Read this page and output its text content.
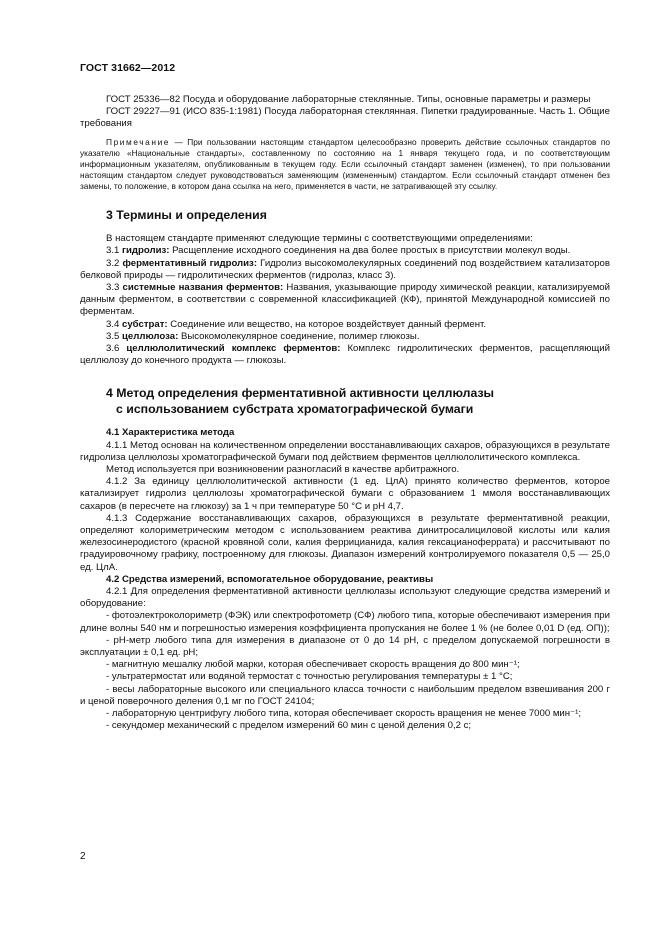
ГОСТ 31662—2012

ГОСТ 25336—82 Посуда и оборудование лабораторные стеклянные. Типы, основные параметры и размеры

ГОСТ 29227—91 (ИСО 835-1:1981) Посуда лабораторная стеклянная. Пипетки градуированные. Часть 1. Общие требования

Примечание — При пользовании настоящим стандартом целесообразно проверить действие ссылочных стандартов по указателю «Национальные стандарты», составленному по состоянию на 1 января текущего года, и по соответствующим информационным указателям, опубликованным в текущем году. Если ссылочный стандарт заменен (изменен), то при пользовании настоящим стандартом следует руководствоваться заменяющим (измененным) стандартом. Если ссылочный стандарт отменен без замены, то положение, в котором дана ссылка на него, применяется в части, не затрагивающей эту ссылку.

3 Термины и определения

В настоящем стандарте применяют следующие термины с соответствующими определениями:

3.1 гидролиз: Расщепление исходного соединения на два более простых в присутствии молекул воды.

3.2 ферментативный гидролиз: Гидролиз высокомолекулярных соединений под воздействием катализаторов белковой природы — гидролитических ферментов (гидролаз, класс 3).

3.3 системные названия ферментов: Названия, указывающие природу химической реакции, катализируемой данным ферментом, в соответствии с современной классификацией (КФ), принятой Международной комиссией по ферментам.

3.4 субстрат: Соединение или вещество, на которое воздействует данный фермент.

3.5 целлюлоза: Высокомолекулярное соединение, полимер глюкозы.

3.6 целлюлолитический комплекс ферментов: Комплекс гидролитических ферментов, расщепляющий целлюлозу до конечного продукта — глюкозы.

4 Метод определения ферментативной активности целлюлазы
с использованием субстрата хроматографической бумаги

4.1 Характеристика метода

4.1.1 Метод основан на количественном определении восстанавливающих сахаров, образующихся в результате гидролиза целлюлозы хроматографической бумаги под действием ферментов целлюлолитического комплекса.

Метод используется при возникновении разногласий в качестве арбитражного.

4.1.2 За единицу целлюлолитической активности (1 ед. ЦлА) принято количество ферментов, которое катализирует гидролиз целлюлозы хроматографической бумаги с образованием 1 ммоля восстанавливающих сахаров (в пересчете на глюкозу) за 1 ч при температуре 50 °С и рН 4,7.

4.1.3 Содержание восстанавливающих сахаров, образующихся в результате ферментативной реакции, определяют колориметрическим методом с использованием реактива динитросалициловой кислоты или калия железосинеродистого (красной кровяной соли, калия феррицианида, калия гексацианоферрата) и рассчитывают по градуировочному графику, построенному для глюкозы. Диапазон измерений контролируемого показателя 0,5 — 25,0 ед. ЦлА.

4.2 Средства измерений, вспомогательное оборудование, реактивы

4.2.1 Для определения ферментативной активности целлюлазы используют следующие средства измерений и оборудование:

- фотоэлектроколориметр (ФЭК) или спектрофотометр (СФ) любого типа, которые обеспечивают измерения при длине волны 540 нм и погрешностью измерения коэффициента пропускания не более 1 % (не более 0,01 D (ед. ОП));

- рН-метр любого типа для измерения в диапазоне от 0 до 14 рН, с пределом допускаемой погрешности в эксплуатации ± 0,1 ед. рН;

- магнитную мешалку любой марки, которая обеспечивает скорость вращения до 800 мин⁻¹;

- ультратермостат или водяной термостат с точностью регулирования температуры ± 1 °С;

- весы лабораторные высокого или специального класса точности с наибольшим пределом взвешивания 200 г и ценой поверочного деления 0,1 мг по ГОСТ 24104;

- лабораторную центрифугу любого типа, которая обеспечивает скорость вращения не менее 7000 мин⁻¹;

- секундомер механический с пределом измерений 60 мин с ценой деления 0,2 с;

2
